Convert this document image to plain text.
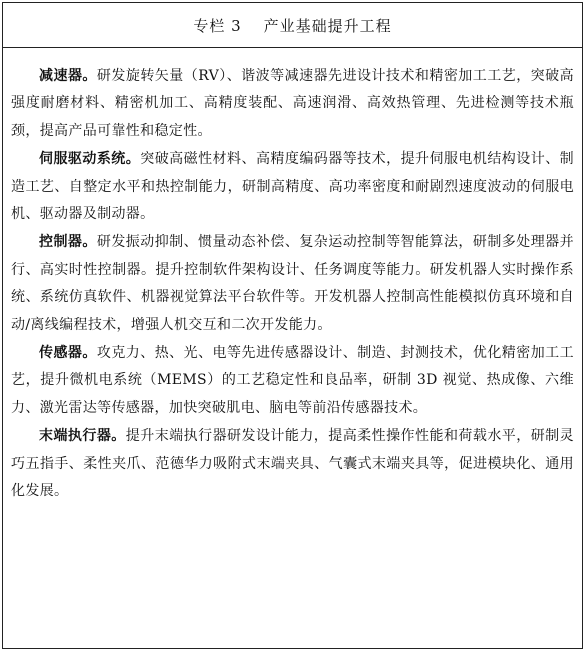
专栏 3 产业基础提升工程

减速器。研发旋转矢量（RV）、谐波等减速器先进设计技术和精密加工工艺，突破高强度耐磨材料、精密机加工、高精度装配、高速润滑、高效热管理、先进检测等技术瓶颈，提高产品可靠性和稳定性。

伺服驱动系统。突破高磁性材料、高精度编码器等技术，提升伺服电机结构设计、制造工艺、自整定水平和热控制能力，研制高精度、高功率密度和耐剧烈速度波动的伺服电机、驱动器及制动器。

控制器。研发振动抑制、惯量动态补偿、复杂运动控制等智能算法，研制多处理器并行、高实时性控制器。提升控制软件架构设计、任务调度等能力。研发机器人实时操作系统、系统仿真软件、机器视觉算法平台软件等。开发机器人控制高性能模拟仿真环境和自动/离线编程技术，增强人机交互和二次开发能力。

传感器。攻克力、热、光、电等先进传感器设计、制造、封测技术，优化精密加工工艺，提升微机电系统（MEMS）的工艺稳定性和良品率，研制 3D 视觉、热成像、六维力、激光雷达等传感器，加快突破肌电、脑电等前沿传感器技术。

末端执行器。提升末端执行器研发设计能力，提高柔性操作性能和荷载水平，研制灵巧五指手、柔性夹爪、范德华力吸附式末端夹具、气囊式末端夹具等，促进模块化、通用化发展。
